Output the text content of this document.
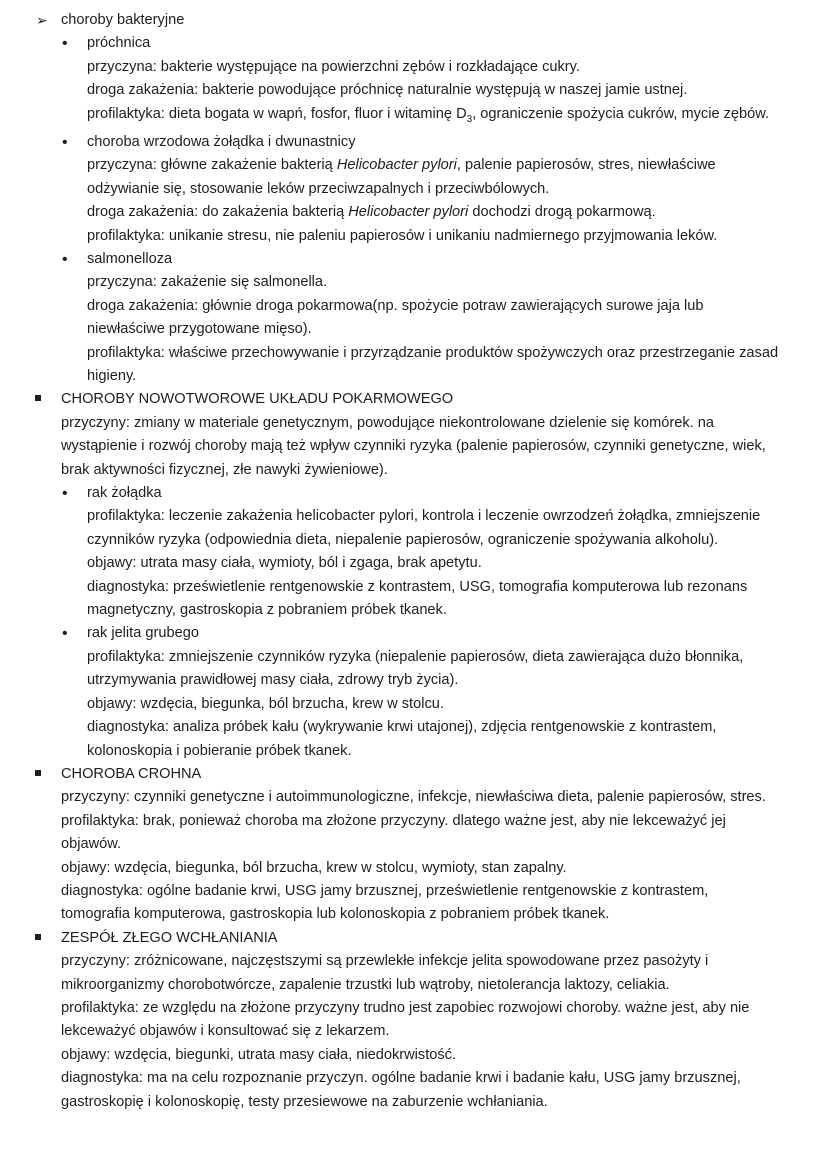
➢ choroby bakteryjne
• próchnica
przyczyna: bakterie występujące na powierzchni zębów i rozkładające cukry.
droga zakażenia: bakterie powodujące próchnicę naturalnie występują w naszej jamie ustnej.
profilaktyka: dieta bogata w wapń, fosfor, fluor i witaminę $D_3$, ograniczenie spożycia cukrów, mycie zębów.
• choroba wrzodowa żołądka i dwunastnicy
przyczyna: główne zakażenie bakterią Helicobacter pylori, palenie papierosów, stres, niewłaściwe
odżywianie się, stosowanie leków przeciwzapalnych i przeciwbólowych.
droga zakażenia: do zakażenia bakterią Helicobacter pylori dochodzi drogą pokarmową.
profilaktyka: unikanie stresu, nie paleniu papierosów i unikaniu nadmiernego przyjmowania leków.
• salmonelloza
przyczyna: zakażenie się salmonella.
droga zakażenia: głównie droga pokarmowa(np. spożycie potraw zawierających surowe jaja lub
niewłaściwe przygotowane mięso).
profilaktyka: właściwe przechowywanie i przyrządzanie produktów spożywczych oraz przestrzeganie zasad
higieny.
CHOROBY NOWOTWOROWE UKŁADU POKARMOWEGO
przyczyny: zmiany w materiale genetycznym, powodujące niekontrolowane dzielenie się komórek. na
wystąpienie i rozwój choroby mają też wpływ czynniki ryzyka (palenie papierosów, czynniki genetyczne, wiek,
brak aktywności fizycznej, złe nawyki żywieniowe).
• rak żołądka
profilaktyka: leczenie zakażenia helicobacter pylori, kontrola i leczenie owrzodzeń żołądka, zmniejszenie
czynników ryzyka (odpowiednia dieta, niepalenie papierosów, ograniczenie spożywania alkoholu).
objawy: utrata masy ciała, wymioty, ból i zgaga, brak apetytu.
diagnostyka: prześwietlenie rentgenowskie z kontrastem, USG, tomografia komputerowa lub rezonans
magnetyczny, gastroskopia z pobraniem próbek tkanek.
• rak jelita grubego
profilaktyka: zmniejszenie czynników ryzyka (niepalenie papierosów, dieta zawierająca dużo błonnika,
utrzymywania prawidłowej masy ciała, zdrowy tryb życia).
objawy: wzdęcia, biegunka, ból brzucha, krew w stolcu.
diagnostyka: analiza próbek kału (wykrywanie krwi utajonej), zdjęcia rentgenowskie z kontrastem,
kolonoskopia i pobieranie próbek tkanek.
CHOROBA CROHNA
przyczyny: czynniki genetyczne i autoimmunologiczne, infekcje, niewłaściwa dieta, palenie papierosów, stres.
profilaktyka: brak, ponieważ choroba ma złożone przyczyny. dlatego ważne jest, aby nie lekceważyć jej
objawów.
objawy: wzdęcia, biegunka, ból brzucha, krew w stolcu, wymioty, stan zapalny.
diagnostyka: ogólne badanie krwi, USG jamy brzusznej, prześwietlenie rentgenowskie z kontrastem,
tomografia komputerowa, gastroskopia lub kolonoskopia z pobraniem próbek tkanek.
ZESPÓŁ ZŁEGO WCHŁANIANIA
przyczyny: zróżnicowane, najczęstszymi są przewlekłe infekcje jelita spowodowane przez pasożyty i
mikroorganizmy chorobotwórcze, zapalenie trzustki lub wątroby, nietolerancja laktozy, celiakia.
profilaktyka: ze względu na złożone przyczyny trudno jest zapobiec rozwojowi choroby. ważne jest, aby nie
lekceważyć objawów i konsultować się z lekarzem.
objawy: wzdęcia, biegunki, utrata masy ciała, niedokrwistość.
diagnostyka: ma na celu rozpoznanie przyczyn. ogólne badanie krwi i badanie kału, USG jamy brzusznej,
gastroskopię i kolonoskopię, testy przesiewowe na zaburzenie wchłaniania.
